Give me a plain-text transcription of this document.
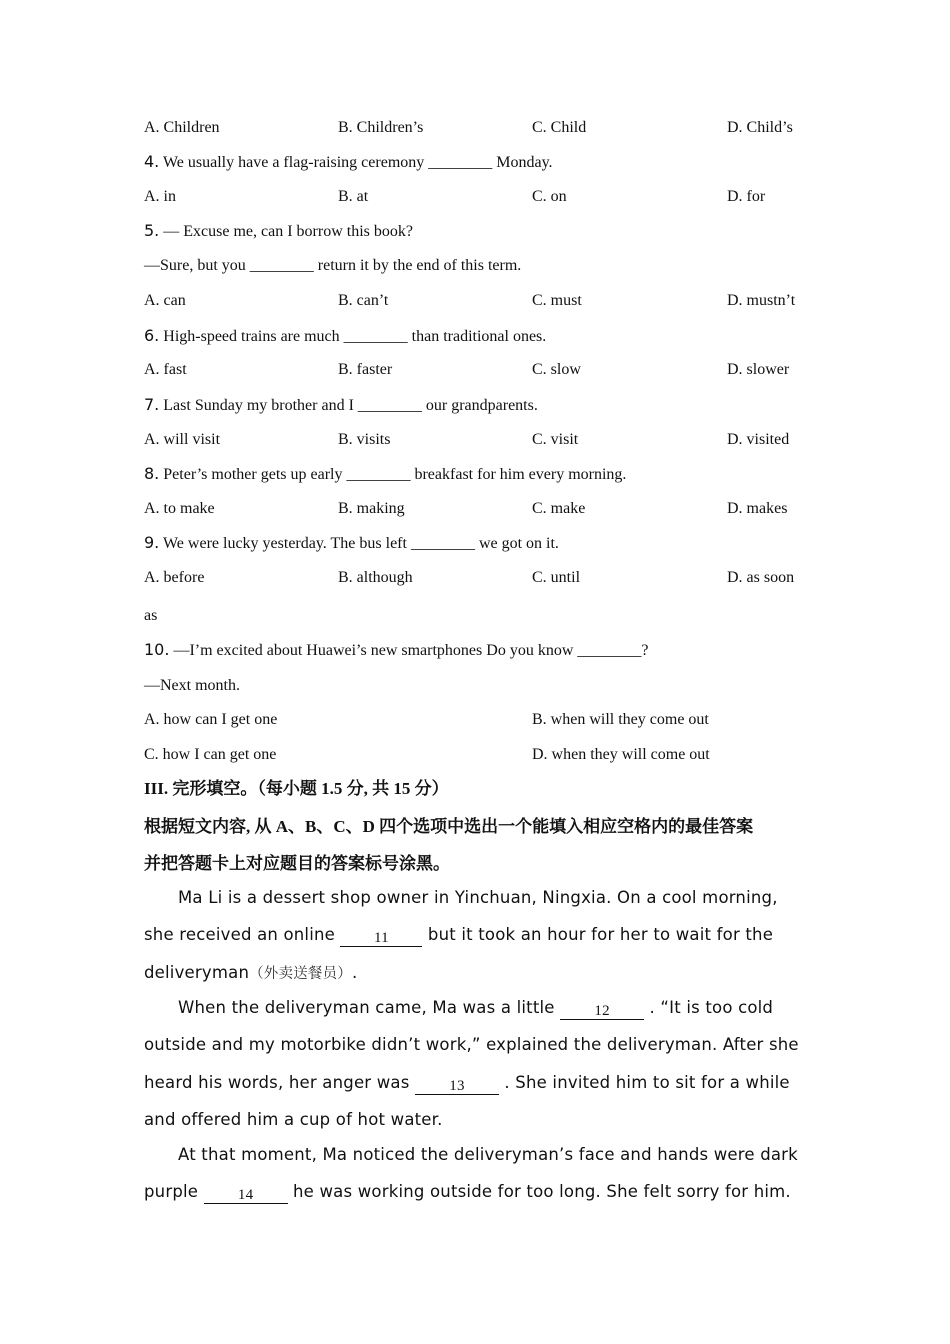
A. Children	B. Children’s	C. Child	D. Child’s
4. We usually have a flag-raising ceremony ________ Monday.
A. in	B. at	C. on	D. for
5. — Excuse me, can I borrow this book?
—Sure, but you ________ return it by the end of this term.
A. can	B. can’t	C. must	D. mustn’t
6. High-speed trains are much ________ than traditional ones.
A. fast	B. faster	C. slow	D. slower
7. Last Sunday my brother and I ________ our grandparents.
A. will visit	B. visits	C. visit	D. visited
8. Peter’s mother gets up early ________ breakfast for him every morning.
A. to make	B. making	C. make	D. makes
9. We were lucky yesterday. The bus left ________ we got on it.
A. before	B. although	C. until	D. as soon
as
10. —I’m excited about Huawei’s new smartphones Do you know ________?
—Next month.
A. how can I get one	B. when will they come out
C. how I can get one	D. when they will come out
III. 完形填空。（每小题 1.5 分, 共 15 分）
根据短文内容, 从 A、B、C、D 四个选项中选出一个能填入相应空格内的最佳答案
并把答题卡上对应题目的答案标号涂黑。
Ma Li is a dessert shop owner in Yinchuan, Ningxia. On a cool morning,
she received an online 11 but it took an hour for her to wait for the
deliveryman（外卖送餐员）.
When the deliveryman came, Ma was a little 12 . “It is too cold
outside and my motorbike didn’t work,” explained the deliveryman. After she
heard his words, her anger was 13 . She invited him to sit for a while
and offered him a cup of hot water.
At that moment, Ma noticed the deliveryman’s face and hands were dark
purple 14 he was working outside for too long. She felt sorry for him.
